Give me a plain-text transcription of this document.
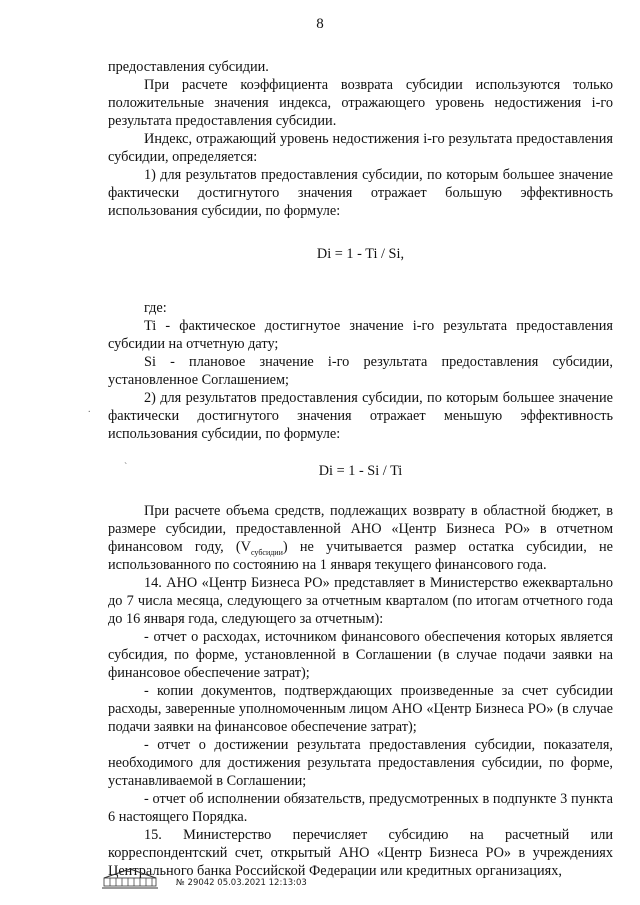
8

предоставления субсидии.

При расчете коэффициента возврата субсидии используются только положительные значения индекса, отражающего уровень недостижения i-го результата предоставления субсидии.

Индекс, отражающий уровень недостижения i-го результата предоставления субсидии, определяется:

1) для результатов предоставления субсидии, по которым большее значение фактически достигнутого значения отражает большую эффективность использования субсидии, по формуле:

Di = 1 - Ti / Si,

где:

Ti - фактическое достигнутое значение i-го результата предоставления субсидии на отчетную дату;

Si - плановое значение i-го результата предоставления субсидии, установленное Соглашением;

2) для результатов предоставления субсидии, по которым большее значение фактически достигнутого значения отражает меньшую эффективность использования субсидии, по формуле:

Di = 1 - Si / Ti

При расчете объема средств, подлежащих возврату в областной бюджет, в размере субсидии, предоставленной АНО «Центр Бизнеса РО» в отчетном финансовом году, $(V_{субсидии})$ не учитывается размер остатка субсидии, не использованного по состоянию на 1 января текущего финансового года.

14. АНО «Центр Бизнеса РО» представляет в Министерство ежеквартально до 7 числа месяца, следующего за отчетным кварталом (по итогам отчетного года до 16 января года, следующего за отчетным):

- отчет о расходах, источником финансового обеспечения которых является субсидия, по форме, установленной в Соглашении (в случае подачи заявки на финансовое обеспечение затрат);

- копии документов, подтверждающих произведенные за счет субсидии расходы, заверенные уполномоченным лицом АНО «Центр Бизнеса РО» (в случае подачи заявки на финансовое обеспечение затрат);

- отчет о достижении результата предоставления субсидии, показателя, необходимого для достижения результата предоставления субсидии, по форме, устанавливаемой в Соглашении;

- отчет об исполнении обязательств, предусмотренных в подпункте 3 пункта 6 настоящего Порядка.

15. Министерство перечисляет субсидию на расчетный или корреспондентский счет, открытый АНО «Центр Бизнеса РО» в учреждениях Центрального банка Российской Федерации или кредитных организациях,

`
.
№ 29042 05.03.2021 12:13:03
